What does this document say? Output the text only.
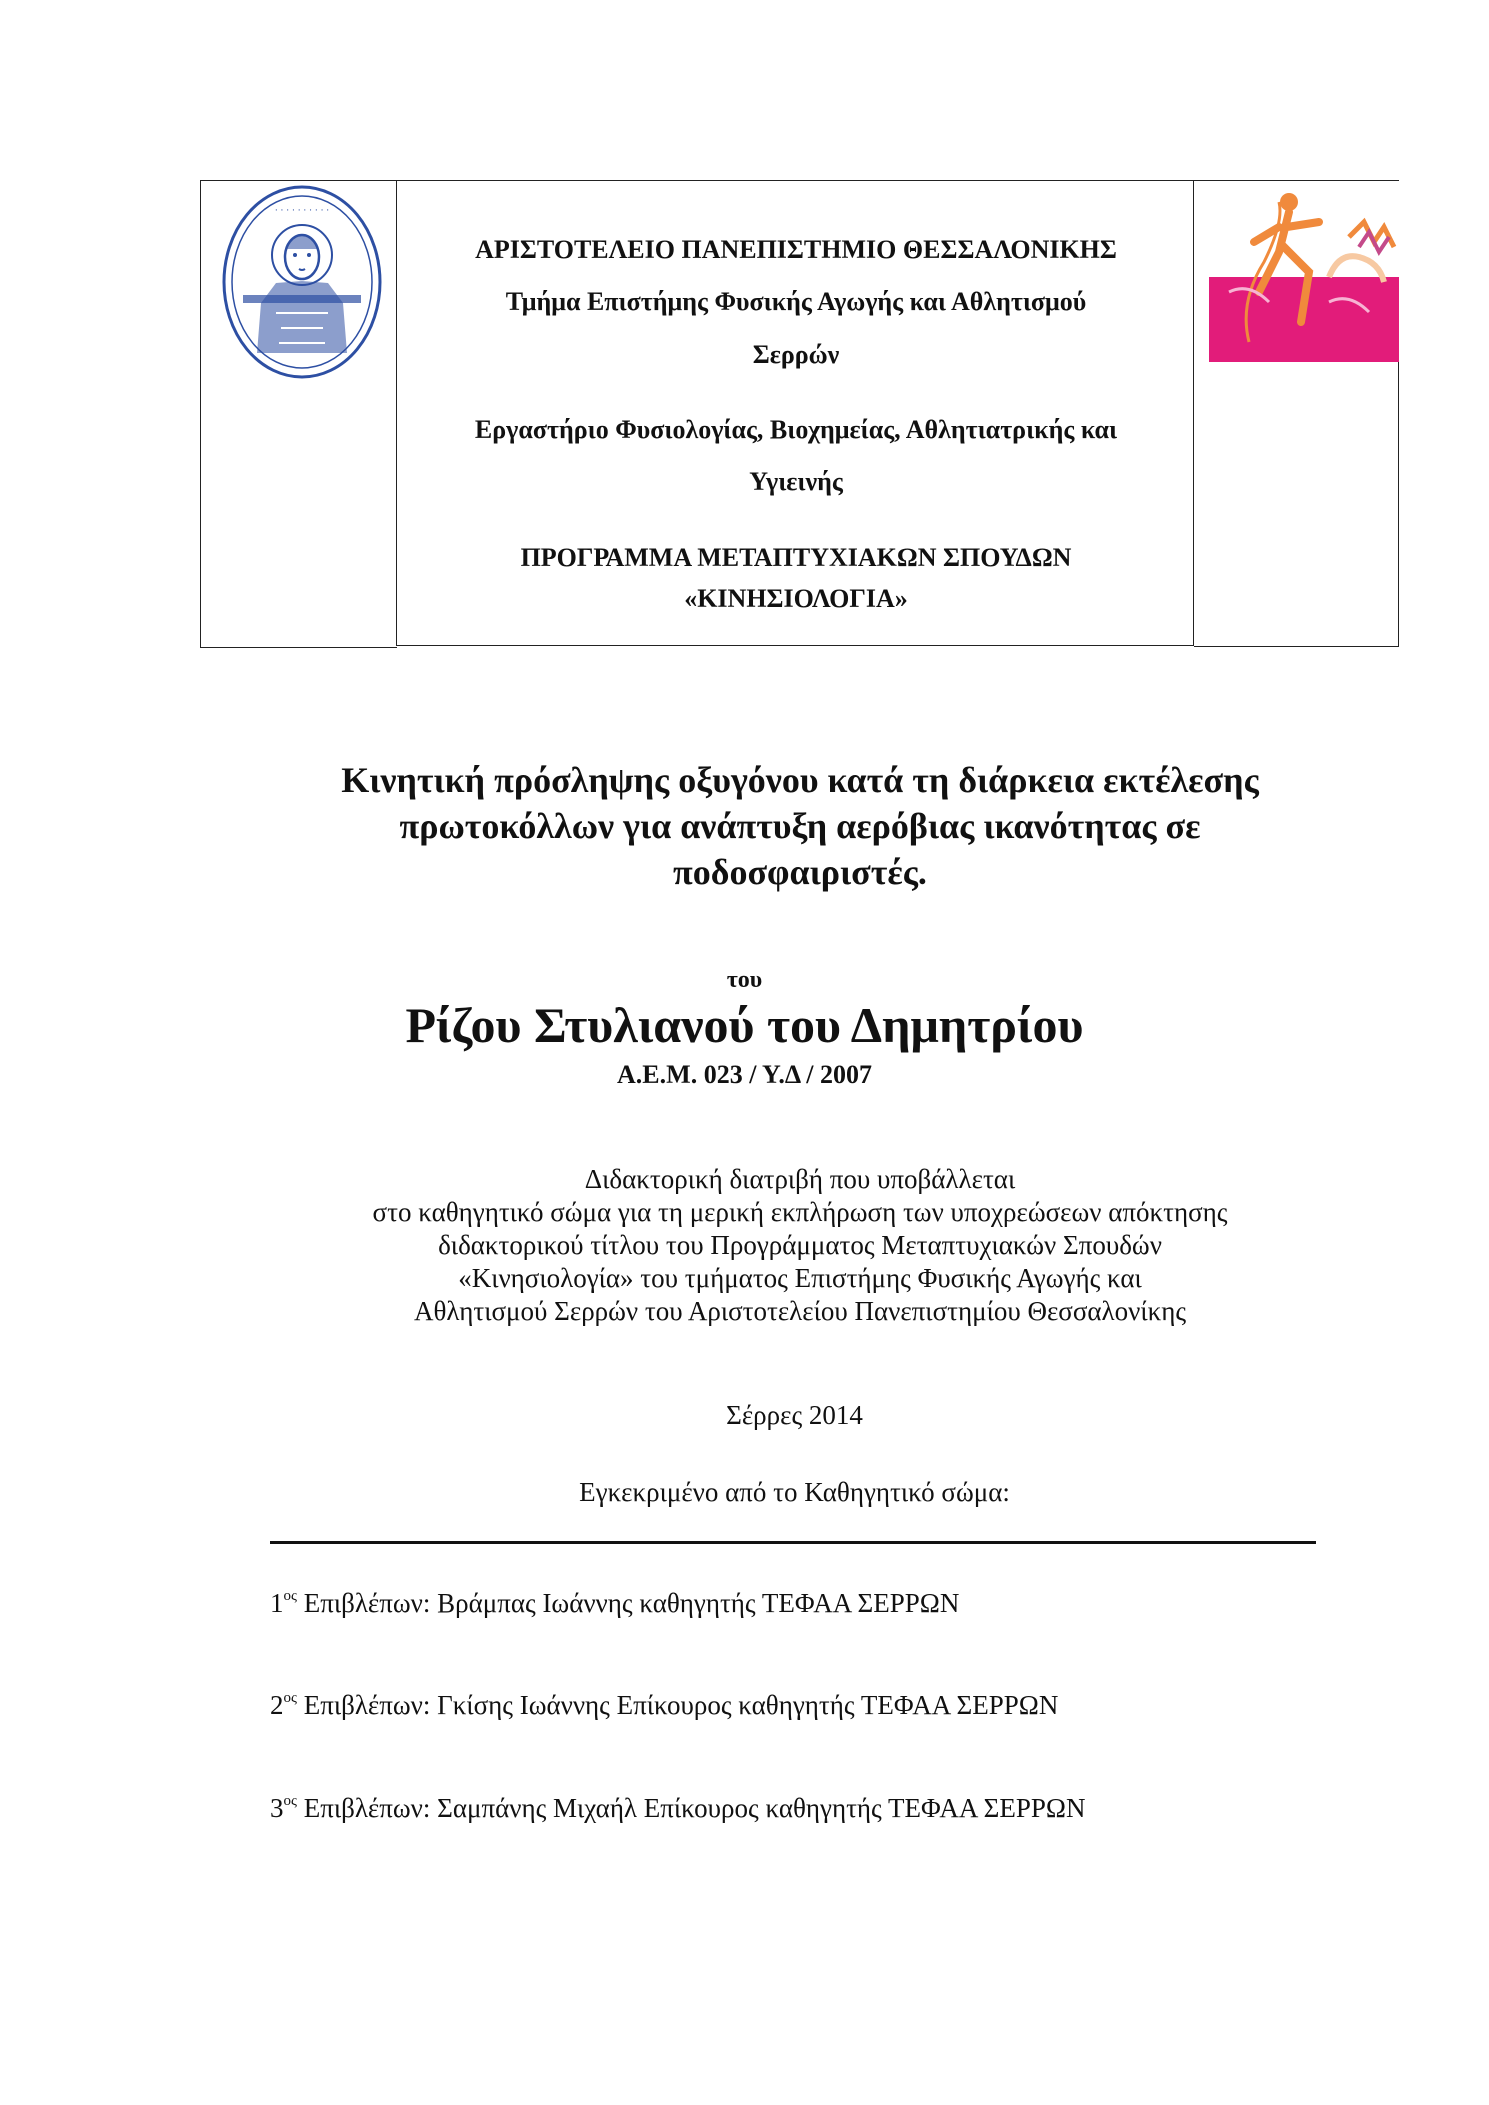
· · · · · · · · · ·
ΑΡΙΣΤΟΤΕΛΕΙΟ ΠΑΝΕΠΙΣΤΗΜΙΟ ΘΕΣΣΑΛΟΝΙΚΗΣ
Τμήμα Επιστήμης Φυσικής Αγωγής και Αθλητισμού
Σερρών
Εργαστήριο Φυσιολογίας, Βιοχημείας, Αθλητιατρικής και
Υγιεινής
ΠΡΟΓΡΑΜΜΑ ΜΕΤΑΠΤΥΧΙΑΚΩΝ ΣΠΟΥΔΩΝ
«ΚΙΝΗΣΙΟΛΟΓΙΑ»
Κινητική πρόσληψης οξυγόνου κατά τη διάρκεια εκτέλεσης
πρωτοκόλλων για ανάπτυξη αερόβιας ικανότητας σε
ποδοσφαιριστές.
του
Ρίζου Στυλιανού του Δημητρίου
Α.Ε.Μ. 023 / Υ.Δ / 2007
Διδακτορική διατριβή που υποβάλλεται
στο καθηγητικό σώμα για τη μερική εκπλήρωση των υποχρεώσεων απόκτησης
διδακτορικού τίτλου του Προγράμματος Μεταπτυχιακών Σπουδών
«Κινησιολογία» του τμήματος Επιστήμης Φυσικής Αγωγής και
Αθλητισμού Σερρών του Αριστοτελείου Πανεπιστημίου Θεσσαλονίκης
Σέρρες 2014
Εγκεκριμένο από το Καθηγητικό σώμα:
$1^{o\varsigma}$ Επιβλέπων: Βράμπας Ιωάννης καθηγητής ΤΕΦΑΑ ΣΕΡΡΩΝ
$2^{o\varsigma}$ Επιβλέπων: Γκίσης Ιωάννης Επίκουρος καθηγητής ΤΕΦΑΑ ΣΕΡΡΩΝ
$3^{o\varsigma}$ Επιβλέπων: Σαμπάνης Μιχαήλ Επίκουρος καθηγητής ΤΕΦΑΑ ΣΕΡΡΩΝ
